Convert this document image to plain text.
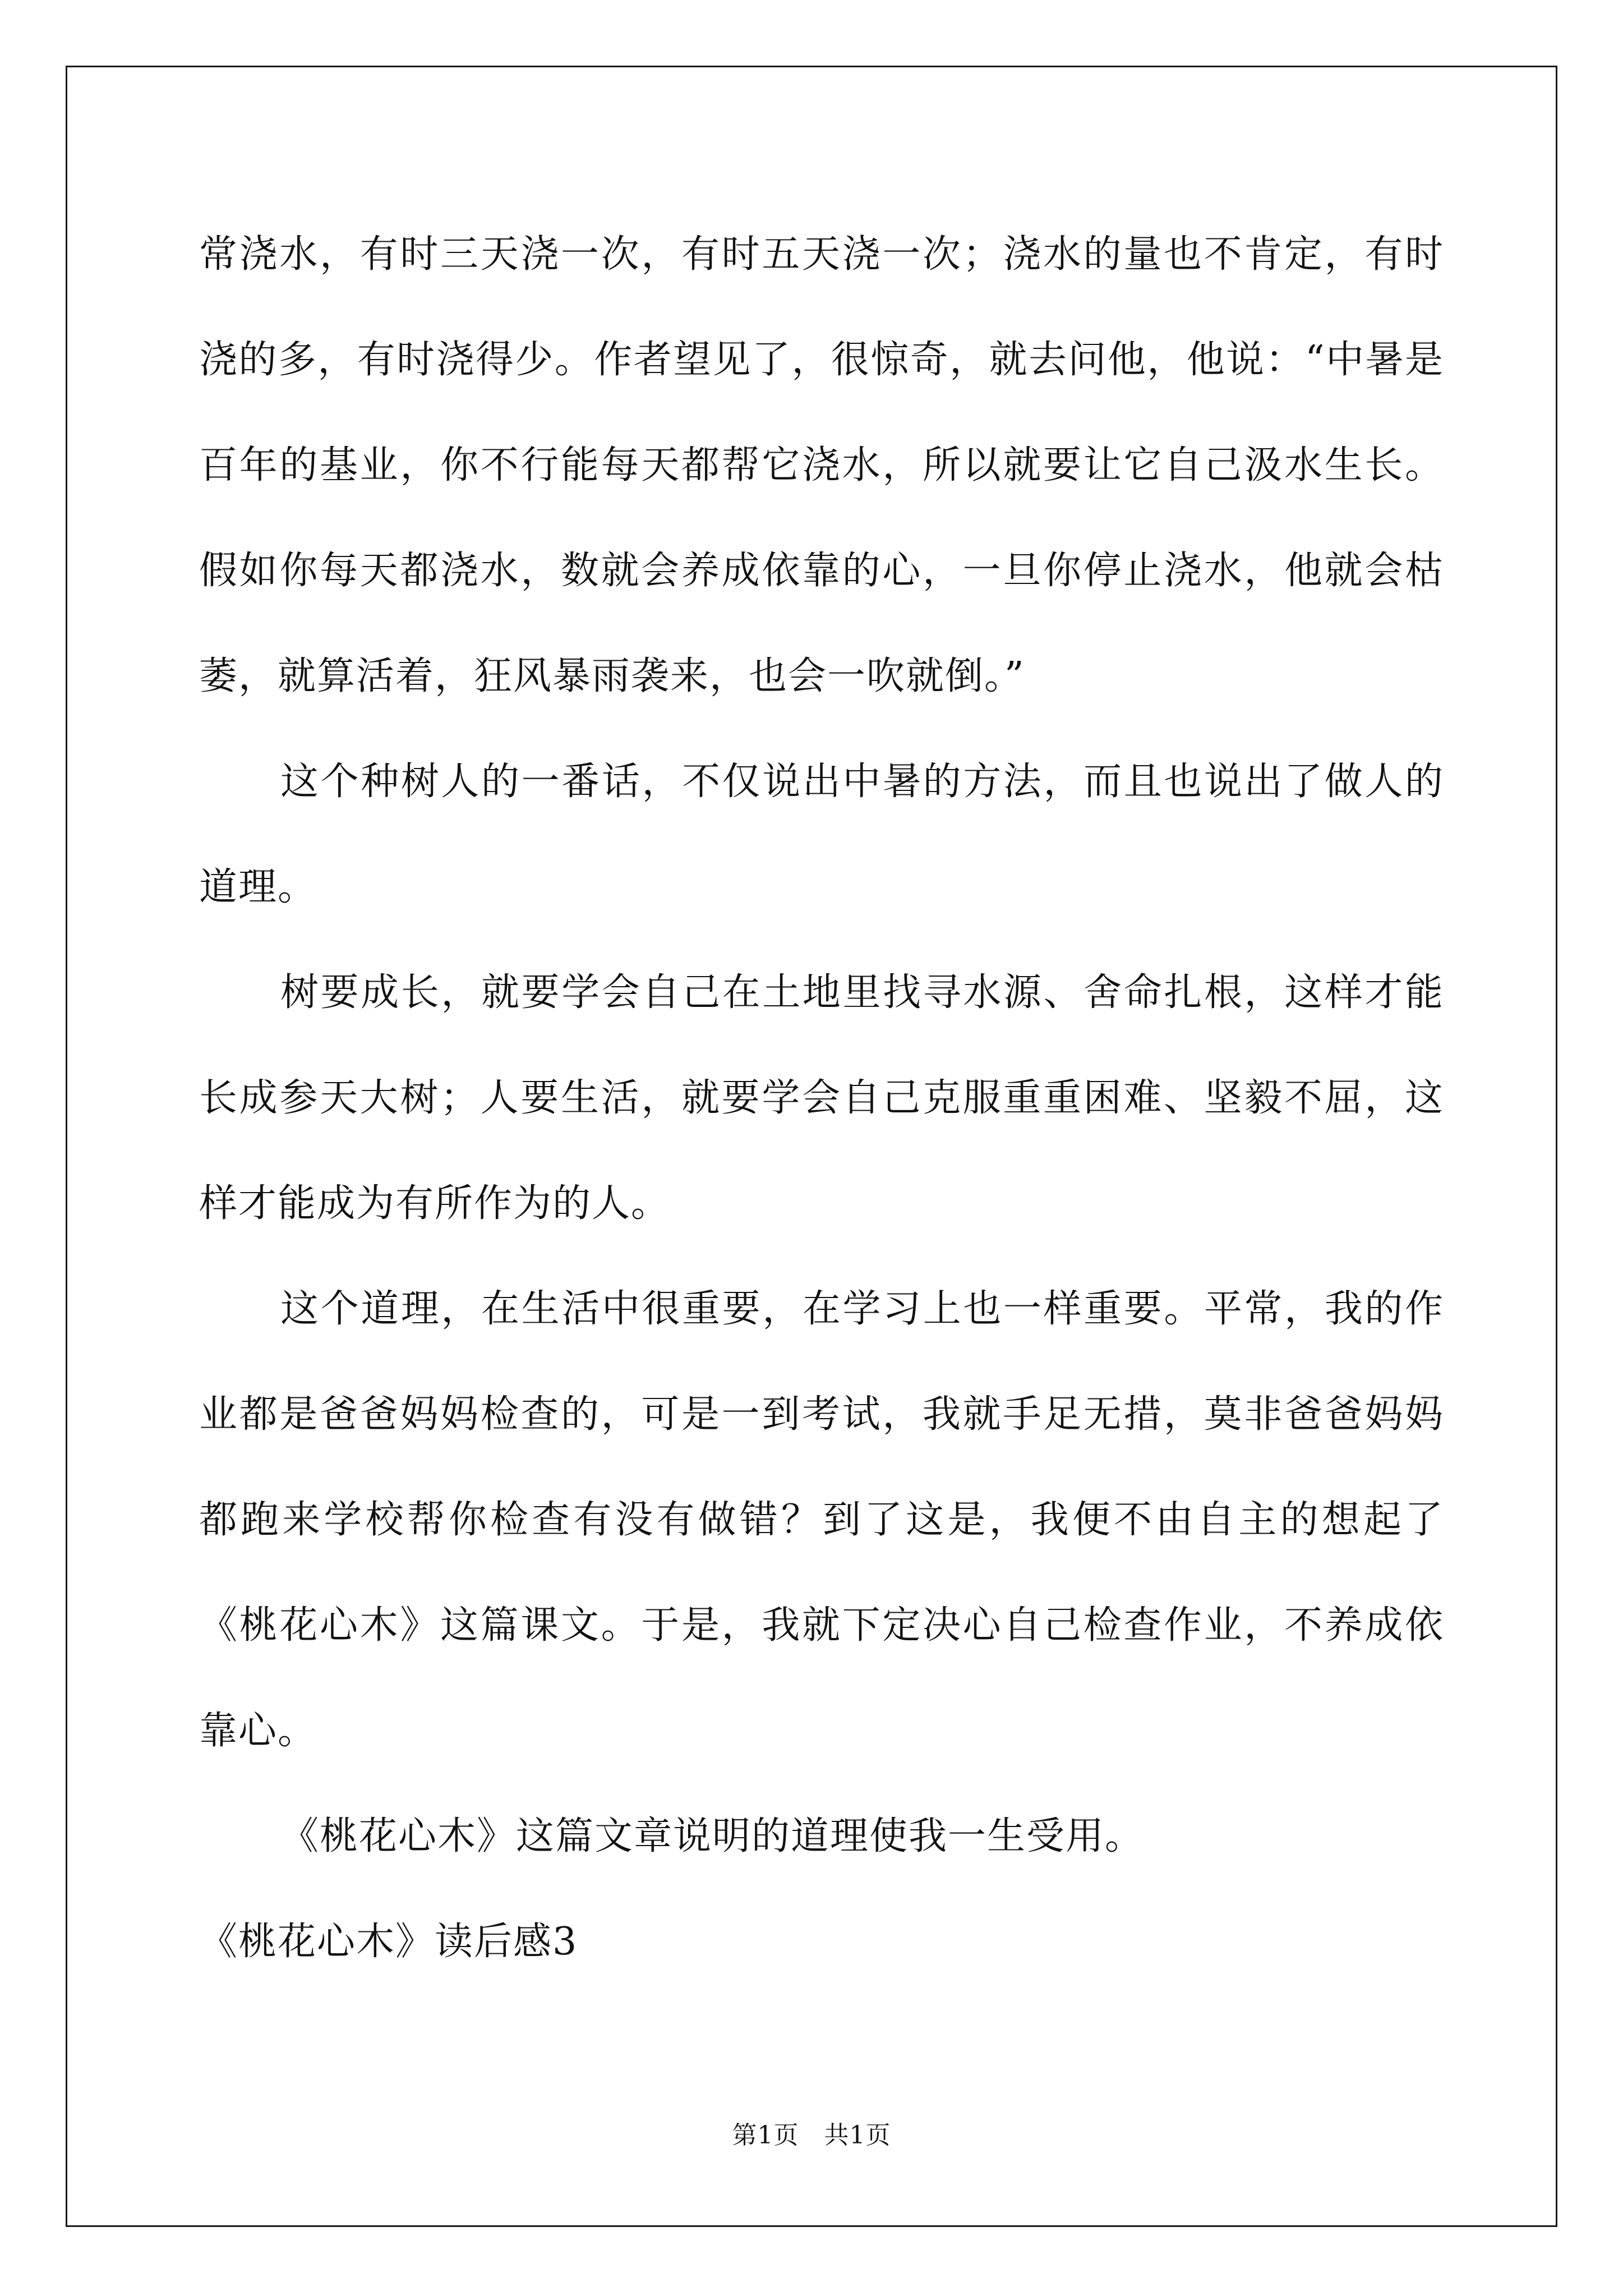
常浇水，有时三天浇一次，有时五天浇一次；浇水的量也不肯定，有时浇的多，有时浇得少。作者望见了，很惊奇，就去问他，他说：“中暑是百年的基业，你不行能每天都帮它浇水，所以就要让它自己汲水生长。假如你每天都浇水，数就会养成依靠的心，一旦你停止浇水，他就会枯萎，就算活着，狂风暴雨袭来，也会一吹就倒。”

这个种树人的一番话，不仅说出中暑的方法，而且也说出了做人的道理。

树要成长，就要学会自己在土地里找寻水源、舍命扎根，这样才能长成参天大树；人要生活，就要学会自己克服重重困难、坚毅不屈，这样才能成为有所作为的人。

这个道理，在生活中很重要，在学习上也一样重要。平常，我的作业都是爸爸妈妈检查的，可是一到考试，我就手足无措，莫非爸爸妈妈都跑来学校帮你检查有没有做错？到了这是，我便不由自主的想起了《桃花心木》这篇课文。于是，我就下定决心自己检查作业，不养成依靠心。

《桃花心木》这篇文章说明的道理使我一生受用。

《桃花心木》读后感3

第1页　共1页
